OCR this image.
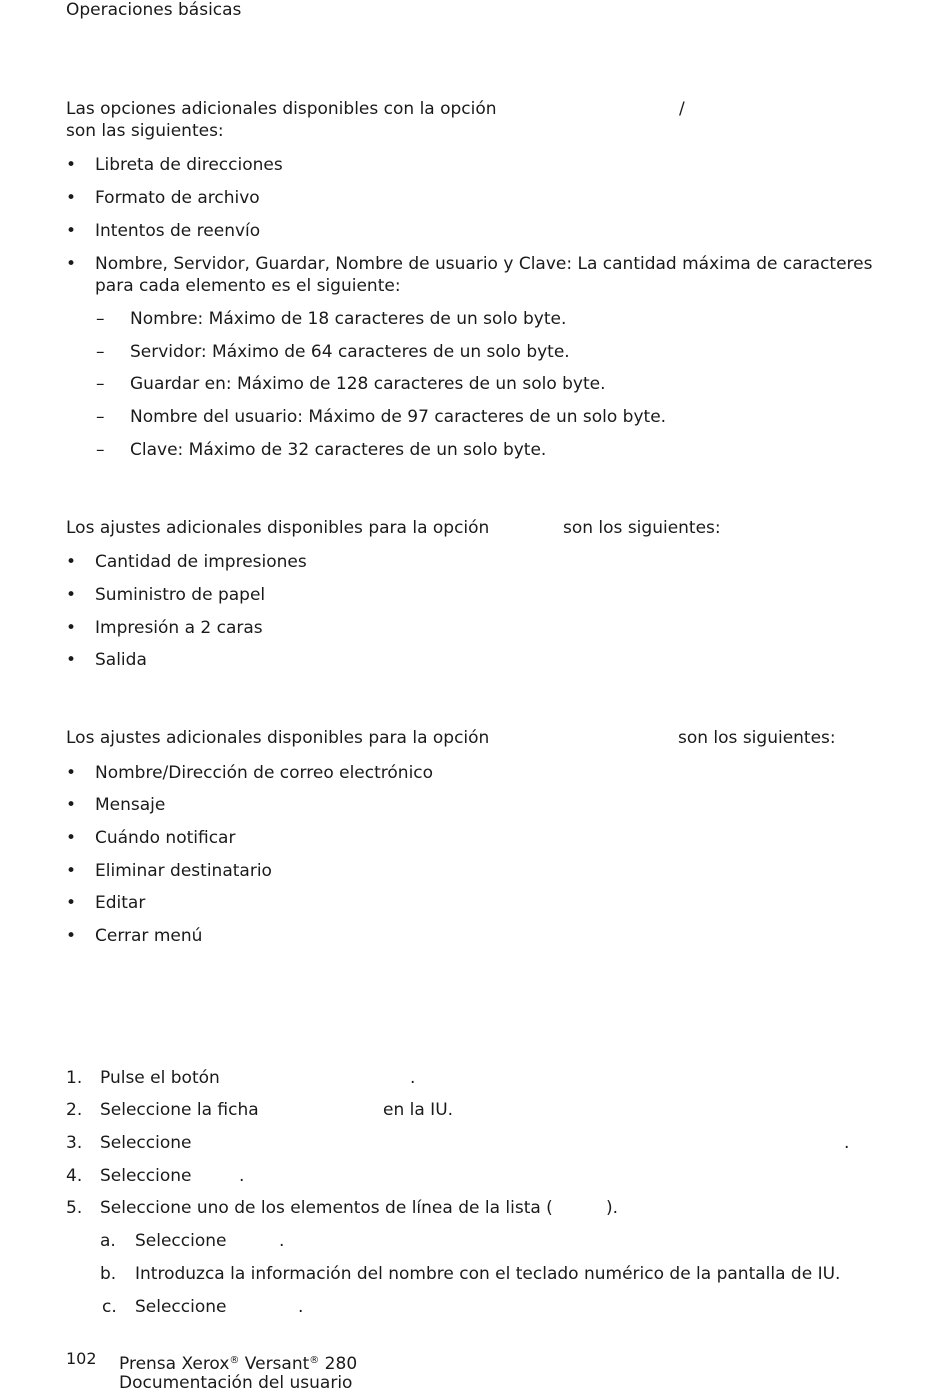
Operaciones básicas
Las opciones adicionales disponibles con la opción	/
son las siguientes:
• Libreta de direcciones
• Formato de archivo
• Intentos de reenvío
• Nombre, Servidor, Guardar, Nombre de usuario y Clave: La cantidad máxima de caracteres
para cada elemento es el siguiente:
– Nombre: Máximo de 18 caracteres de un solo byte.
– Servidor: Máximo de 64 caracteres de un solo byte.
– Guardar en: Máximo de 128 caracteres de un solo byte.
– Nombre del usuario: Máximo de 97 caracteres de un solo byte.
– Clave: Máximo de 32 caracteres de un solo byte.
Los ajustes adicionales disponibles para la opción	son los siguientes:
• Cantidad de impresiones
• Suministro de papel
• Impresión a 2 caras
• Salida
Los ajustes adicionales disponibles para la opción	son los siguientes:
• Nombre/Dirección de correo electrónico
• Mensaje
• Cuándo notificar
• Eliminar destinatario
• Editar
• Cerrar menú
1. Pulse el botón	.
2. Seleccione la ficha	en la IU.
3. Seleccione	.
4. Seleccione	.
5. Seleccione uno de los elementos de línea de la lista (	).
a. Seleccione	.
b. Introduzca la información del nombre con el teclado numérico de la pantalla de IU.
c. Seleccione	.
102 Prensa Xerox® Versant® 280
Documentación del usuario
